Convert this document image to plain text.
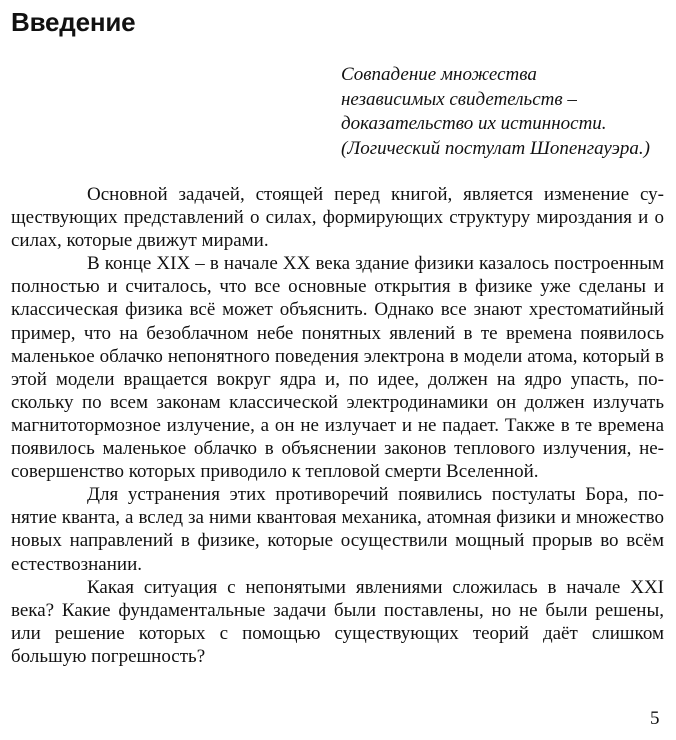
Введение
Совпадение множества
независимых свидетельств –
доказательство их истинности.
(Логический постулат Шопенгауэра.)

Основной задачей, стоящей перед книгой, является изменение существующих представлений о силах, формирующих структуру мироздания и о силах, которые движут мирами.

В конце XIX – в начале XX века здание физики казалось построенным полностью и считалось, что все основные открытия в физике уже сделаны и классическая физика всё может объяснить. Однако все знают хрестоматийный пример, что на безоблачном небе понятных явлений в те времена появилось маленькое облачко непонятного поведения электрона в модели атома, который в этой модели вращается вокруг ядра и, по идее, должен на ядро упасть, поскольку по всем законам классической электродинамики он должен излучать магнитотормозное излучение, а он не излучает и не падает. Также в те времена появилось маленькое облачко в объяснении законов теплового излучения, несовершенство которых приводило к тепловой смерти Вселенной.

Для устранения этих противоречий появились постулаты Бора, понятие кванта, а вслед за ними квантовая механика, атомная физики и множество новых направлений в физике, которые осуществили мощный прорыв во всём естествознании.

Какая ситуация с непонятыми явлениями сложилась в начале XXI века? Какие фундаментальные задачи были поставлены, но не были решены, или решение которых с помощью существующих теорий даёт слишком большую погрешность?

5
